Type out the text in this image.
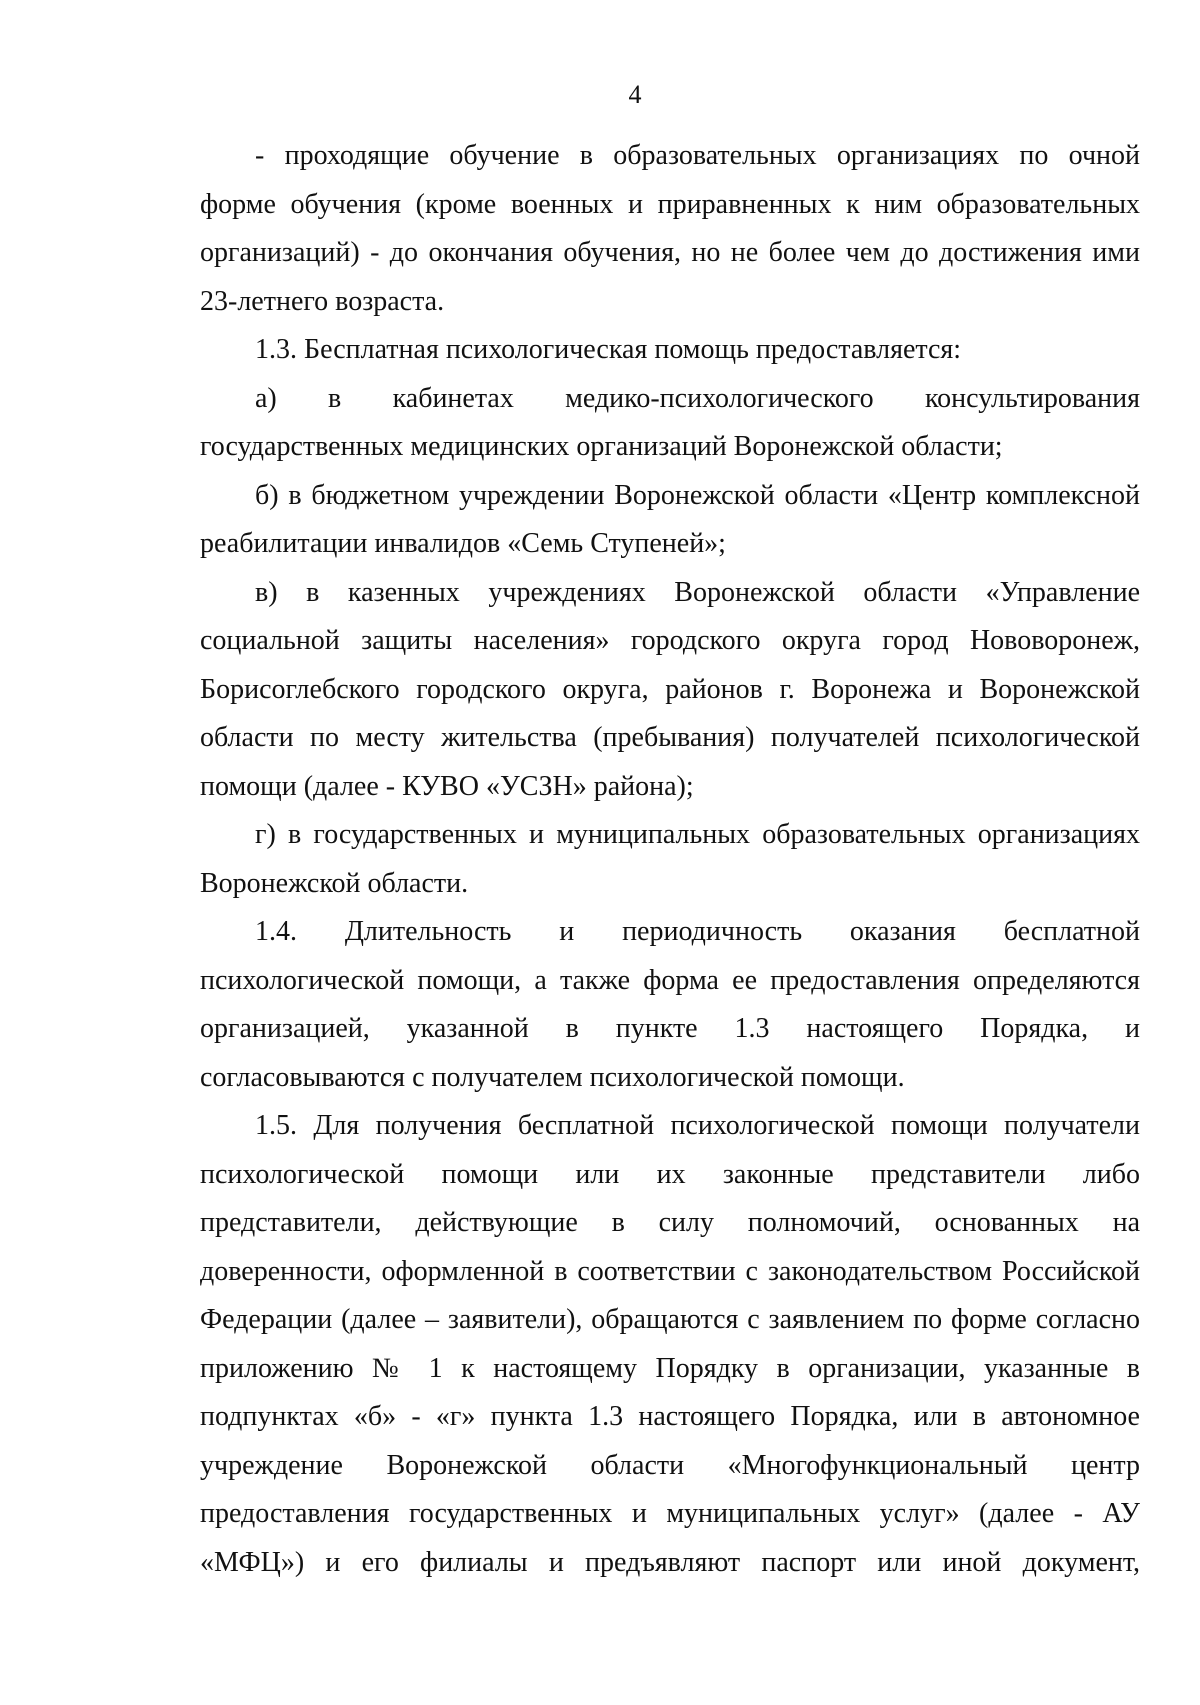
4
- проходящие обучение в образовательных организациях по очной
форме обучения (кроме военных и приравненных к ним образовательных
организаций) - до окончания обучения, но не более чем до достижения ими
23-летнего возраста.
1.3. Бесплатная психологическая помощь предоставляется:
а) в кабинетах медико-психологического консультирования
государственных медицинских организаций Воронежской области;
б) в бюджетном учреждении Воронежской области «Центр комплексной
реабилитации инвалидов «Семь Ступеней»;
в) в казенных учреждениях Воронежской области «Управление
социальной защиты населения» городского округа город Нововоронеж,
Борисоглебского городского округа, районов г. Воронежа и Воронежской
области по месту жительства (пребывания) получателей психологической
помощи (далее - КУВО «УСЗН» района);
г) в государственных и муниципальных образовательных организациях
Воронежской области.
1.4. Длительность и периодичность оказания бесплатной
психологической помощи, а также форма ее предоставления определяются
организацией, указанной в пункте 1.3 настоящего Порядка, и
согласовываются с получателем психологической помощи.
1.5. Для получения бесплатной психологической помощи получатели
психологической помощи или их законные представители либо
представители, действующие в силу полномочий, основанных на
доверенности, оформленной в соответствии с законодательством Российской
Федерации (далее – заявители), обращаются с заявлением по форме согласно
приложению № 1 к настоящему Порядку в организации, указанные в
подпунктах «б» - «г» пункта 1.3 настоящего Порядка, или в автономное
учреждение Воронежской области «Многофункциональный центр
предоставления государственных и муниципальных услуг» (далее - АУ
«МФЦ») и его филиалы и предъявляют паспорт или иной документ,
